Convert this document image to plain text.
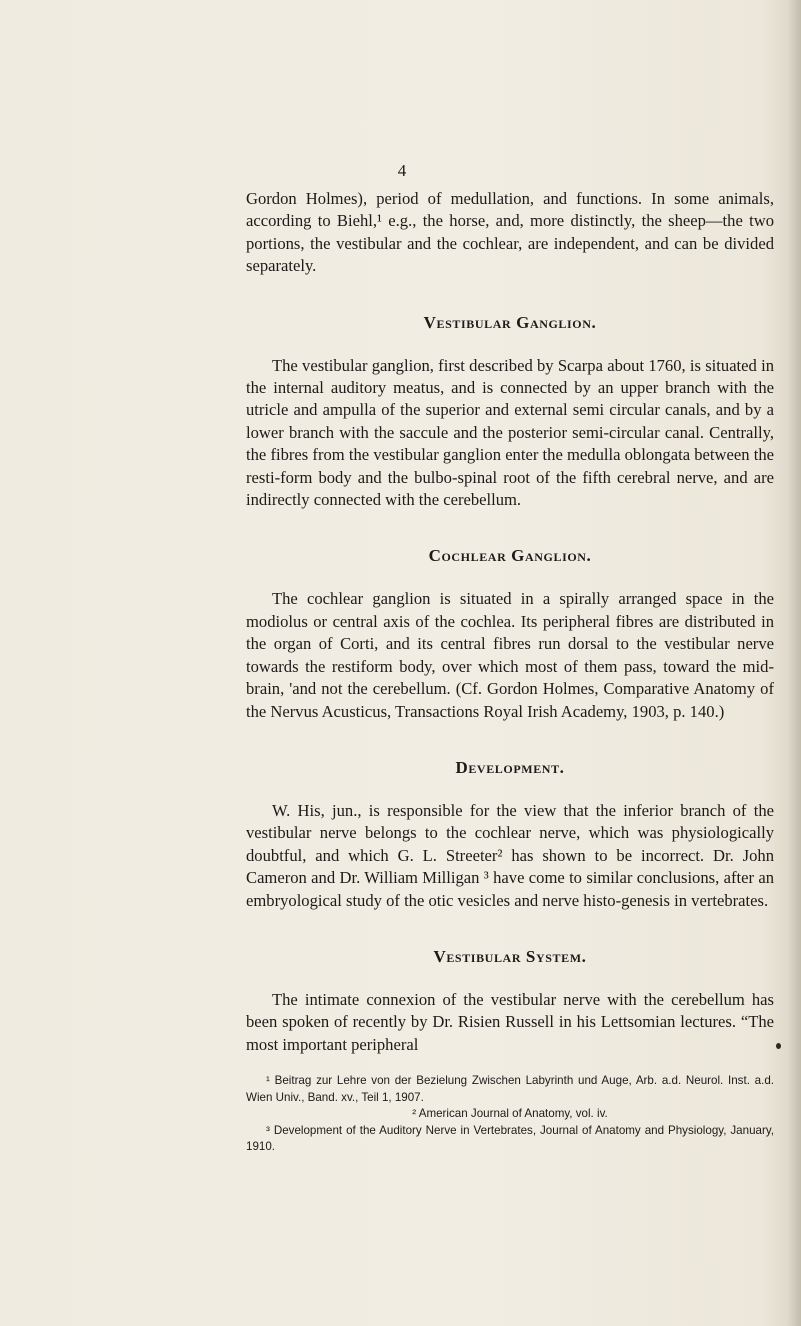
4

Gordon Holmes), period of medullation, and functions. In some animals, according to Biehl,¹ e.g., the horse, and, more distinctly, the sheep—the two portions, the vestibular and the cochlear, are independent, and can be divided separately.

Vestibular Ganglion.

The vestibular ganglion, first described by Scarpa about 1760, is situated in the internal auditory meatus, and is connected by an upper branch with the utricle and ampulla of the superior and external semi circular canals, and by a lower branch with the saccule and the posterior semi-circular canal. Centrally, the fibres from the vestibular ganglion enter the medulla oblongata between the resti-form body and the bulbo-spinal root of the fifth cerebral nerve, and are indirectly connected with the cerebellum.

Cochlear Ganglion.

The cochlear ganglion is situated in a spirally arranged space in the modiolus or central axis of the cochlea. Its peripheral fibres are distributed in the organ of Corti, and its central fibres run dorsal to the vestibular nerve towards the restiform body, over which most of them pass, toward the mid-brain, 'and not the cerebellum. (Cf. Gordon Holmes, Comparative Anatomy of the Nervus Acusticus, Transactions Royal Irish Academy, 1903, p. 140.)

Development.

W. His, jun., is responsible for the view that the inferior branch of the vestibular nerve belongs to the cochlear nerve, which was physiologically doubtful, and which G. L. Streeter² has shown to be incorrect. Dr. John Cameron and Dr. William Milligan ³ have come to similar conclusions, after an embryological study of the otic vesicles and nerve histo-genesis in vertebrates.

Vestibular System.

The intimate connexion of the vestibular nerve with the cerebellum has been spoken of recently by Dr. Risien Russell in his Lettsomian lectures. “The most important peripheral

¹ Beitrag zur Lehre von der Bezielung Zwischen Labyrinth und Auge, Arb. a.d. Neurol. Inst. a.d. Wien Univ., Band. xv., Teil 1, 1907.

² American Journal of Anatomy, vol. iv.

³ Development of the Auditory Nerve in Vertebrates, Journal of Anatomy and Physiology, January, 1910.
